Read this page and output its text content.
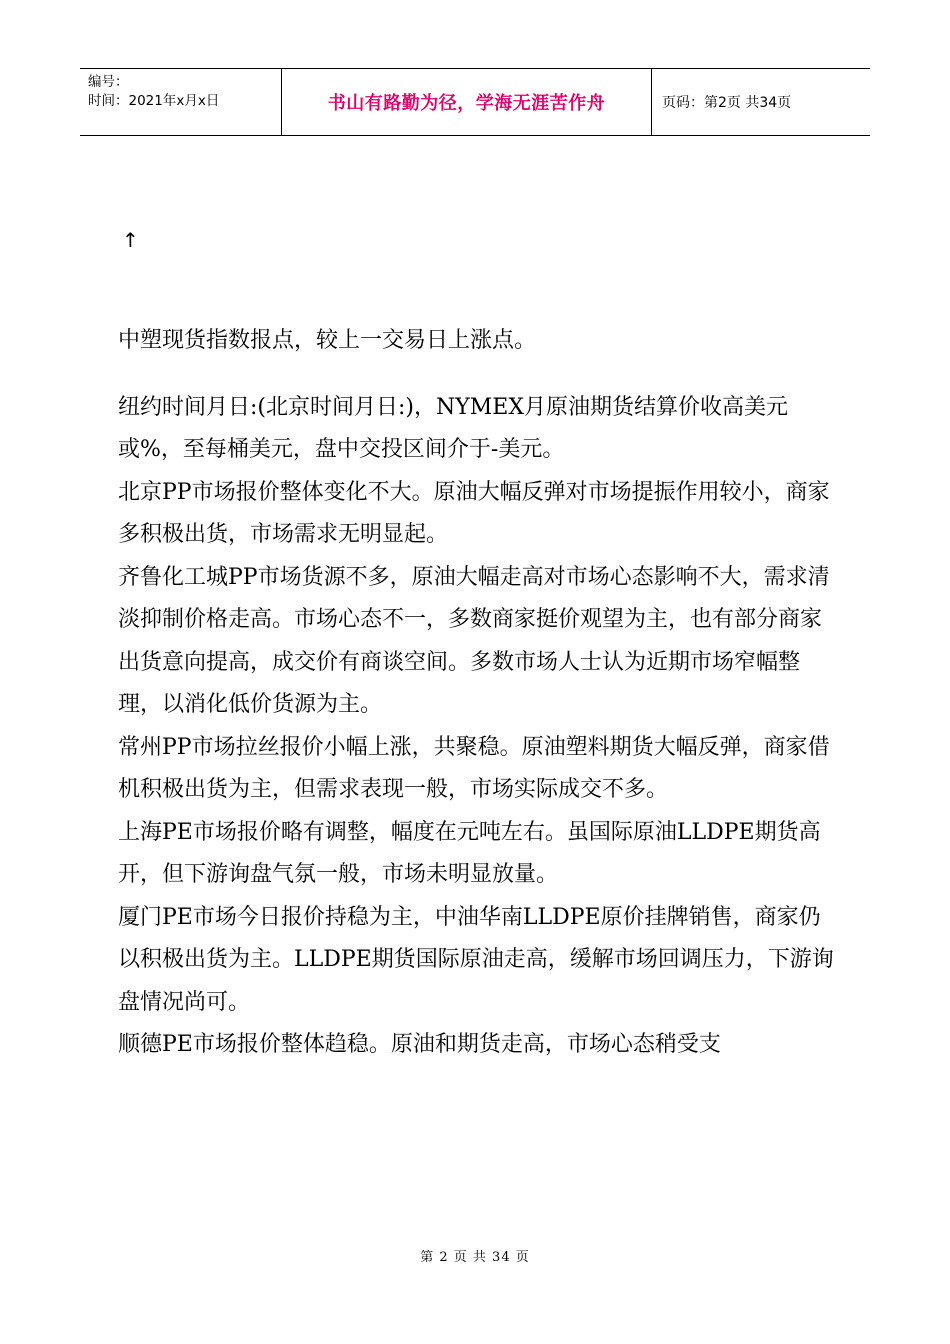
编号：
时间：2021年x月x日	书山有路勤为径，学海无涯苦作舟	页码：第2页 共34页
↑

中塑现货指数报点，较上一交易日上涨点。

纽约时间月日:(北京时间月日:)，NYMEX月原油期货结算价收高美元或%，至每桶美元，盘中交投区间介于-美元。

北京PP市场报价整体变化不大。原油大幅反弹对市场提振作用较小，商家多积极出货，市场需求无明显起。

齐鲁化工城PP市场货源不多，原油大幅走高对市场心态影响不大，需求清淡抑制价格走高。市场心态不一，多数商家挺价观望为主，也有部分商家出货意向提高，成交价有商谈空间。多数市场人士认为近期市场窄幅整理，以消化低价货源为主。

常州PP市场拉丝报价小幅上涨，共聚稳。原油塑料期货大幅反弹，商家借机积极出货为主，但需求表现一般，市场实际成交不多。

上海PE市场报价略有调整，幅度在元吨左右。虽国际原油LLDPE期货高开，但下游询盘气氛一般，市场未明显放量。

厦门PE市场今日报价持稳为主，中油华南LLDPE原价挂牌销售，商家仍以积极出货为主。LLDPE期货国际原油走高，缓解市场回调压力，下游询盘情况尚可。

顺德PE市场报价整体趋稳。原油和期货走高，市场心态稍受支

第 2 页 共 34 页
